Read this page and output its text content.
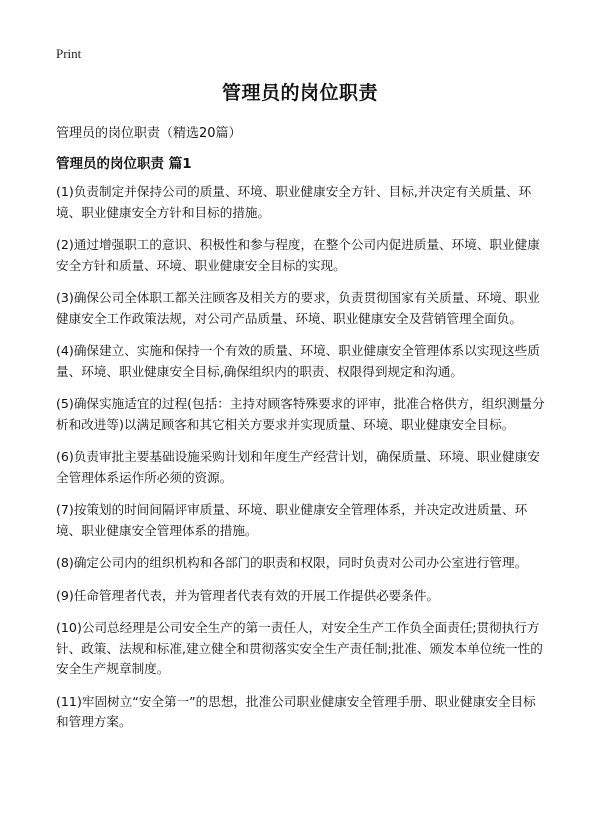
Print
管理员的岗位职责
管理员的岗位职责（精选20篇）
管理员的岗位职责 篇1

(1)负责制定并保持公司的质量、环境、职业健康安全方针、目标,并决定有关质量、环境、职业健康安全方针和目标的措施。

(2)通过增强职工的意识、积极性和参与程度，在整个公司内促进质量、环境、职业健康安全方针和质量、环境、职业健康安全目标的实现。

(3)确保公司全体职工都关注顾客及相关方的要求，负责贯彻国家有关质量、环境、职业健康安全工作政策法规，对公司产品质量、环境、职业健康安全及营销管理全面负。

(4)确保建立、实施和保持一个有效的质量、环境、职业健康安全管理体系以实现这些质量、环境、职业健康安全目标,确保组织内的职责、权限得到规定和沟通。

(5)确保实施适宜的过程(包括：主持对顾客特殊要求的评审，批准合格供方，组织测量分析和改进等)以满足顾客和其它相关方要求并实现质量、环境、职业健康安全目标。

(6)负责审批主要基础设施采购计划和年度生产经营计划，确保质量、环境、职业健康安全管理体系运作所必须的资源。

(7)按策划的时间间隔评审质量、环境、职业健康安全管理体系，并决定改进质量、环境、职业健康安全管理体系的措施。

(8)确定公司内的组织机构和各部门的职责和权限，同时负责对公司办公室进行管理。

(9)任命管理者代表，并为管理者代表有效的开展工作提供必要条件。

(10)公司总经理是公司安全生产的第一责任人，对安全生产工作负全面责任;贯彻执行方针、政策、法规和标准,建立健全和贯彻落实安全生产责任制;批准、颁发本单位统一性的安全生产规章制度。

(11)牢固树立“安全第一”的思想，批准公司职业健康安全管理手册、职业健康安全目标和管理方案。
